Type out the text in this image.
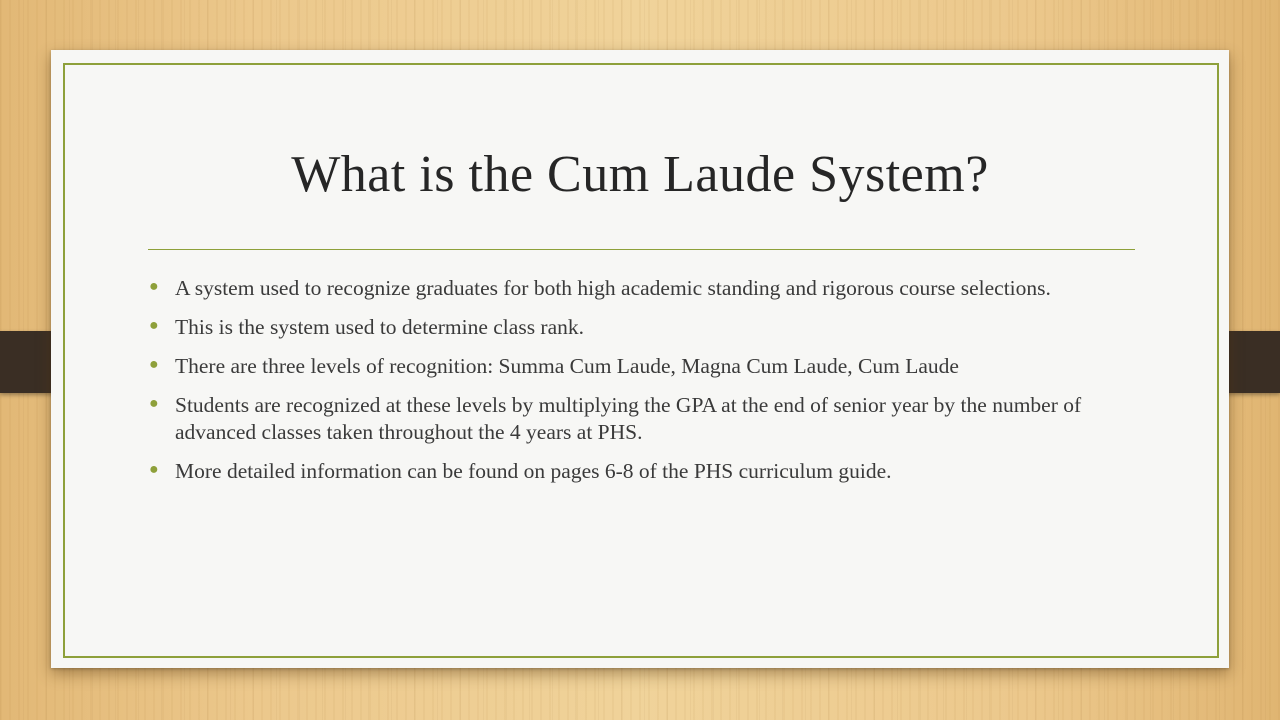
What is the Cum Laude System?
● A system used to recognize graduates for both high academic standing and rigorous course selections.
● This is the system used to determine class rank.
● There are three levels of recognition: Summa Cum Laude, Magna Cum Laude, Cum Laude
● Students are recognized at these levels by multiplying the GPA at the end of senior year by the number of advanced classes taken throughout the 4 years at PHS.
● More detailed information can be found on pages 6-8 of the PHS curriculum guide.
